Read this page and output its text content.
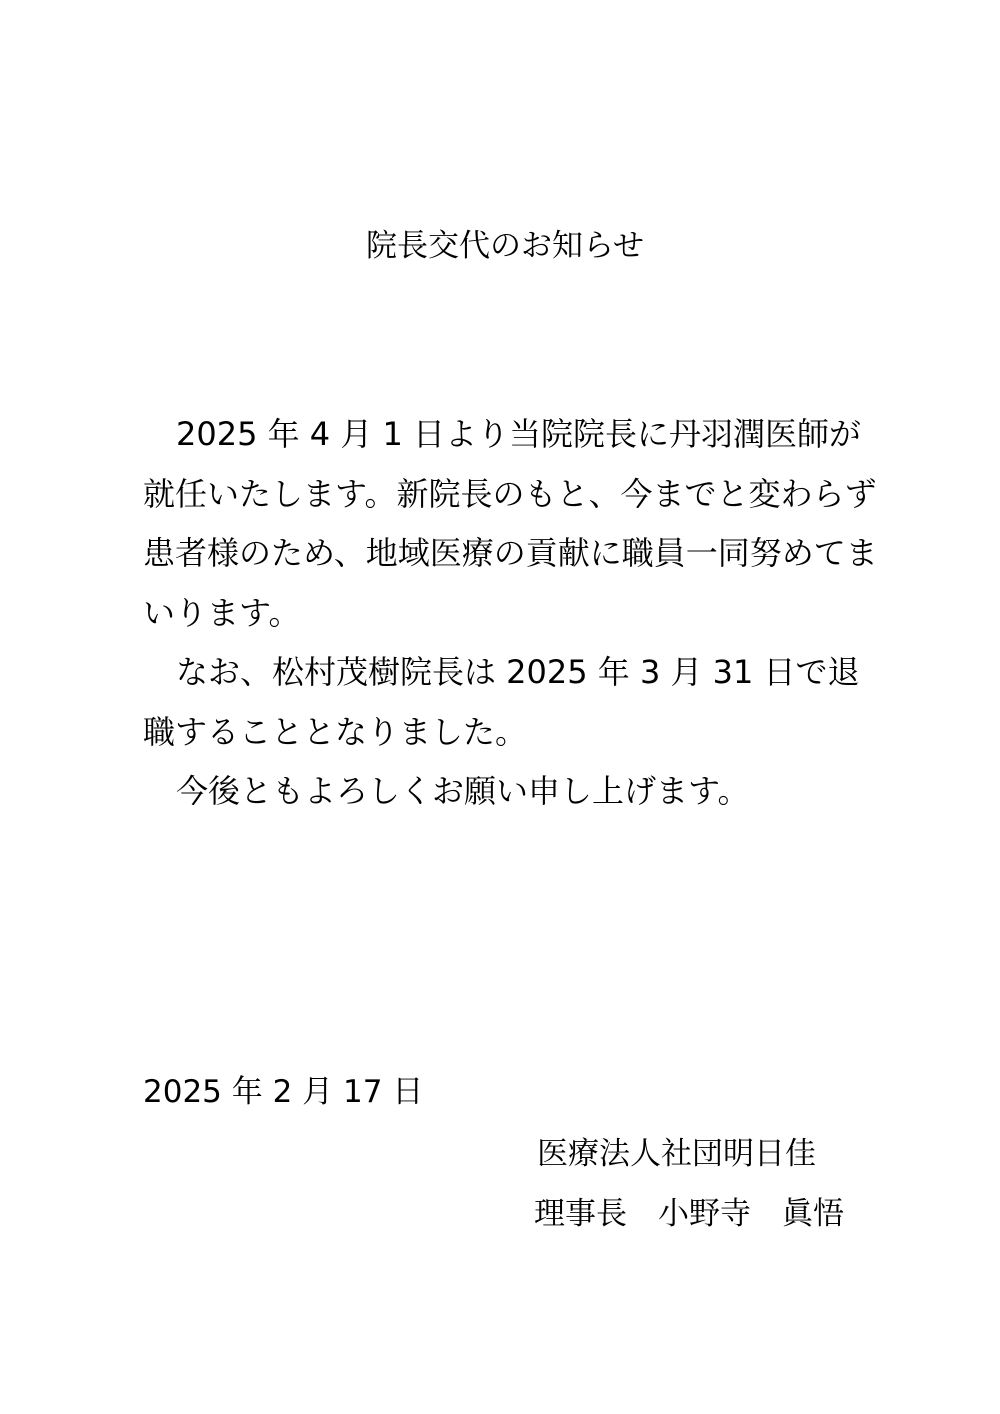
院長交代のお知らせ

2025 年 4 月 1 日より当院院長に丹羽潤医師が就任いたします。新院長のもと、今までと変わらず患者様のため、地域医療の貢献に職員一同努めてまいります。

なお、松村茂樹院長は 2025 年 3 月 31 日で退職することとなりました。

今後ともよろしくお願い申し上げます。

2025 年 2 月 17 日
医療法人社団明日佳
理事長　小野寺　眞悟
